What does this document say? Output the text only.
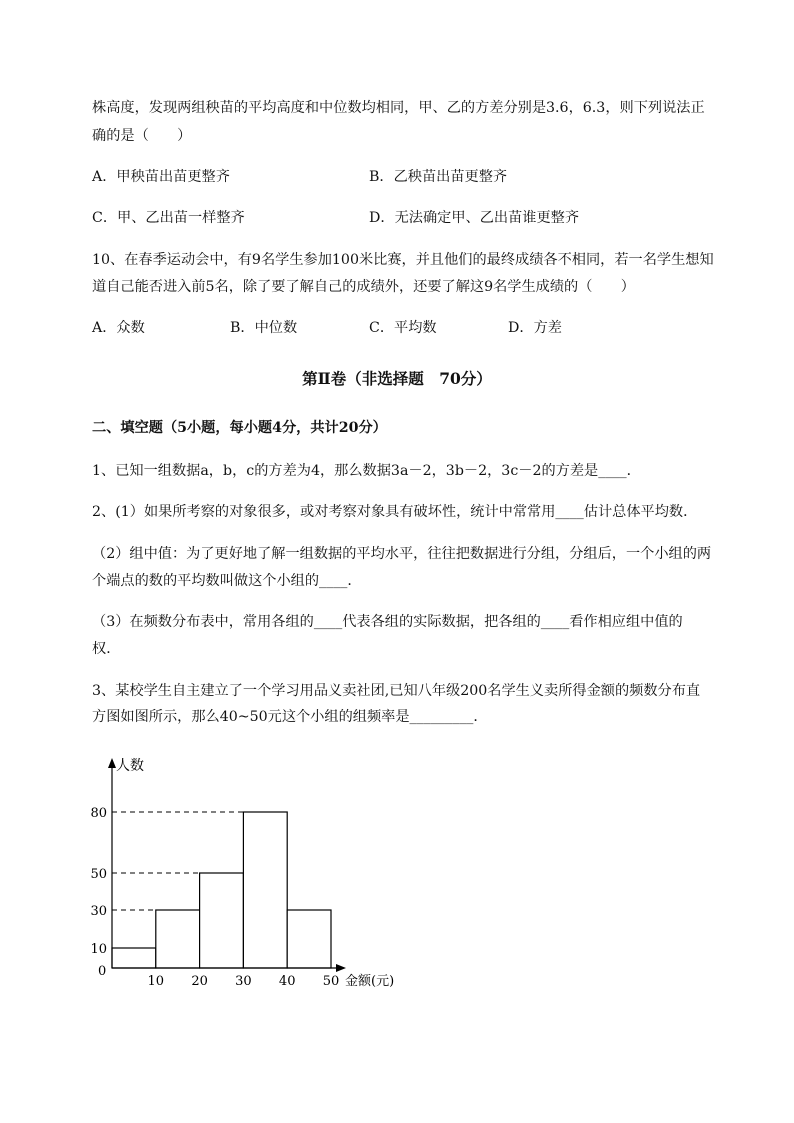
株高度，发现两组秧苗的平均高度和中位数均相同，甲、乙的方差分别是3.6，6.3，则下列说法正
确的是（　　）
A．甲秧苗出苗更整齐	B．乙秧苗出苗更整齐
C．甲、乙出苗一样整齐	D．无法确定甲、乙出苗谁更整齐
10、在春季运动会中，有9名学生参加100米比赛，并且他们的最终成绩各不相同，若一名学生想知
道自己能否进入前5名，除了要了解自己的成绩外，还要了解这9名学生成绩的（　　）
A．众数	B．中位数	C．平均数	D．方差
第Ⅱ卷（非选择题　70分）
二、填空题（5小题，每小题4分，共计20分）
1、已知一组数据a，b，c的方差为4，那么数据3a－2，3b－2，3c－2的方差是____．
2、(1）如果所考察的对象很多，或对考察对象具有破坏性，统计中常常用____估计总体平均数．
（2）组中值：为了更好地了解一组数据的平均水平，往往把数据进行分组，分组后，一个小组的两
个端点的数的平均数叫做这个小组的____．
（3）在频数分布表中，常用各组的____代表各组的实际数据，把各组的____看作相应组中值的
权．
3、某校学生自主建立了一个学习用品义卖社团,已知八年级200名学生义卖所得金额的频数分布直
方图如图所示，那么40~50元这个小组的组频率是_________．
人数
金额(元)
0
10 20 30 40 50
10
30
50
80
